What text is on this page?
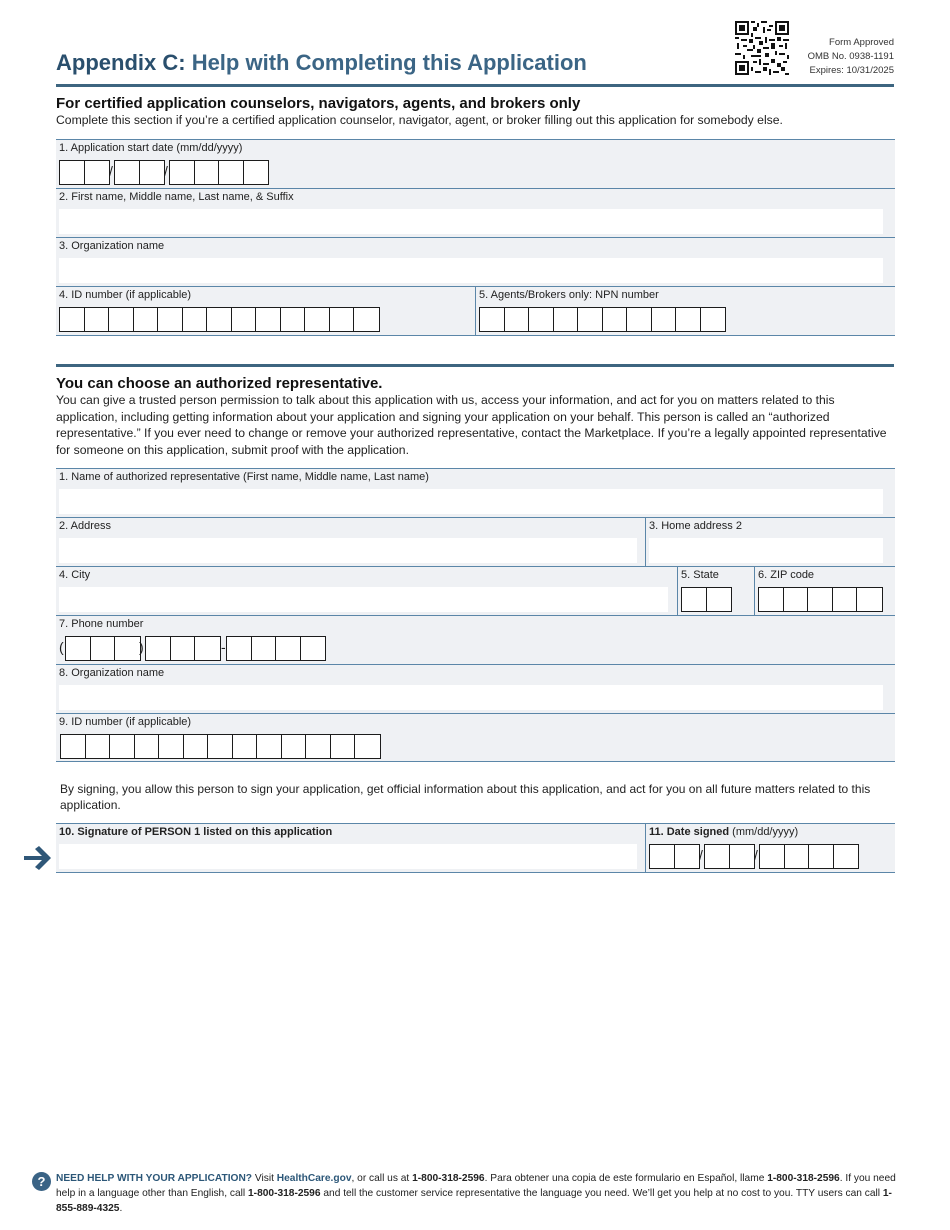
Appendix C: Help with Completing this Application
Form Approved
OMB No. 0938-1191
Expires: 10/31/2025
For certified application counselors, navigators, agents, and brokers only
Complete this section if you’re a certified application counselor, navigator, agent, or broker filling out this application for somebody else.
1. Application start date (mm/dd/yyyy)
/	/
2. First name, Middle name, Last name, & Suffix
3. Organization name
4. ID number (if applicable)	5. Agents/Brokers only: NPN number
You can choose an authorized representative.
You can give a trusted person permission to talk about this application with us, access your information, and act for you on matters related to this application, including getting information about your application and signing your application on your behalf. This person is called an “authorized representative.” If you ever need to change or remove your authorized representative, contact the Marketplace. If you’re a legally appointed representative for someone on this application, submit proof with the application.
1. Name of authorized representative (First name, Middle name, Last name)
2. Address	3. Home address 2
4. City	5. State	6. ZIP code
7. Phone number
(	)	-
8. Organization name
9. ID number (if applicable)
By signing, you allow this person to sign your application, get official information about this application, and act for you on all future matters related to this application.
10. Signature of PERSON 1 listed on this application	11. Date signed (mm/dd/yyyy)
/	/
?	NEED HELP WITH YOUR APPLICATION? Visit HealthCare.gov, or call us at 1-800-318-2596. Para obtener una copia de este formulario en Español, llame 1-800-318-2596. If you need help in a language other than English, call 1-800-318-2596 and tell the customer service representative the language you need. We’ll get you help at no cost to you. TTY users can call 1-855-889-4325.
